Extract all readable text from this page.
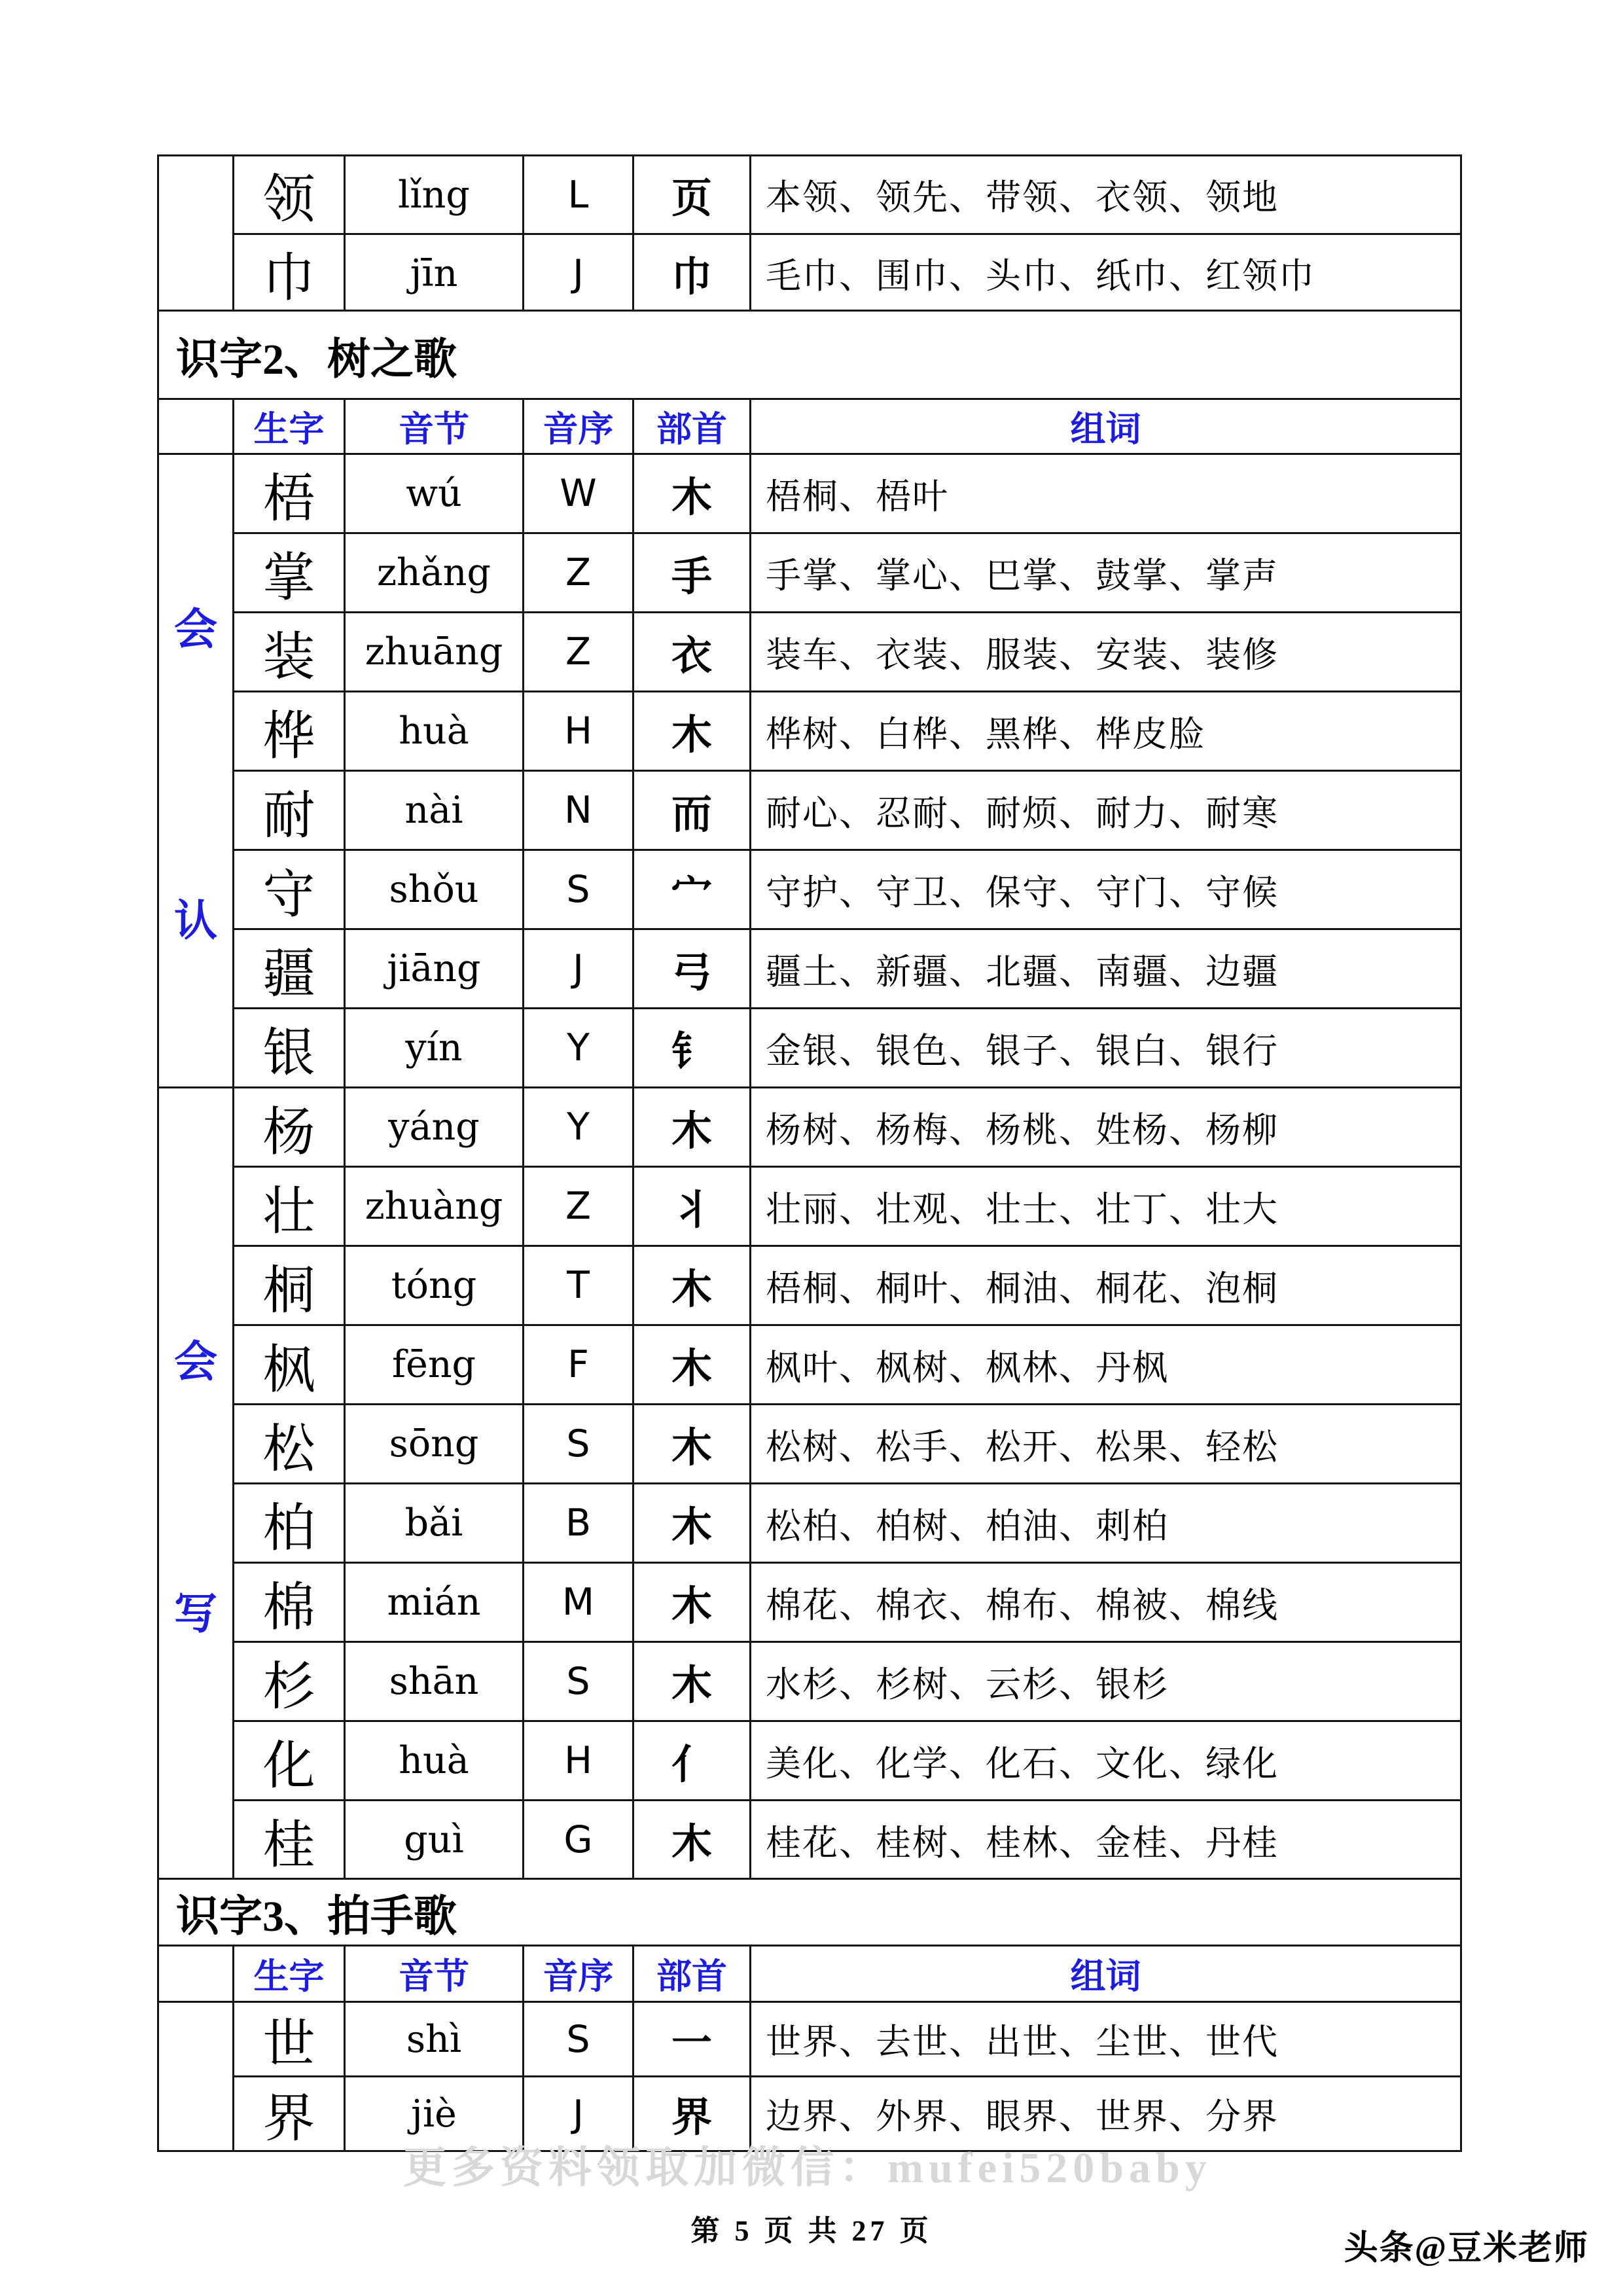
领	lǐng	L	页	本领、领先、带领、衣领、领地
巾	jīn	J	巾	毛巾、围巾、头巾、纸巾、红领巾
识字2、树之歌
生字	音节	音序	部首	组词
会
认
梧	wú	W	木	梧桐、梧叶
掌	zhǎng	Z	手	手掌、掌心、巴掌、鼓掌、掌声
装	zhuāng	Z	衣	装车、衣装、服装、安装、装修
桦	huà	H	木	桦树、白桦、黑桦、桦皮脸
耐	nài	N	而	耐心、忍耐、耐烦、耐力、耐寒
守	shǒu	S	宀	守护、守卫、保守、守门、守候
疆	jiāng	J	弓	疆土、新疆、北疆、南疆、边疆
银	yín	Y	钅	金银、银色、银子、银白、银行
会
写
杨	yáng	Y	木	杨树、杨梅、杨桃、姓杨、杨柳
壮	zhuàng	Z	丬	壮丽、壮观、壮士、壮丁、壮大
桐	tóng	T	木	梧桐、桐叶、桐油、桐花、泡桐
枫	fēng	F	木	枫叶、枫树、枫林、丹枫
松	sōng	S	木	松树、松手、松开、松果、轻松
柏	bǎi	B	木	松柏、柏树、柏油、刺柏
棉	mián	M	木	棉花、棉衣、棉布、棉被、棉线
杉	shān	S	木	水杉、杉树、云杉、银杉
化	huà	H	亻	美化、化学、化石、文化、绿化
桂	guì	G	木	桂花、桂树、桂林、金桂、丹桂
识字3、拍手歌
生字	音节	音序	部首	组词
世	shì	S	一	世界、去世、出世、尘世、世代
界	jiè	J	界	边界、外界、眼界、世界、分界
更多资料领取加微信：mufei520baby
第 5 页 共 27 页	头条@豆米老师
